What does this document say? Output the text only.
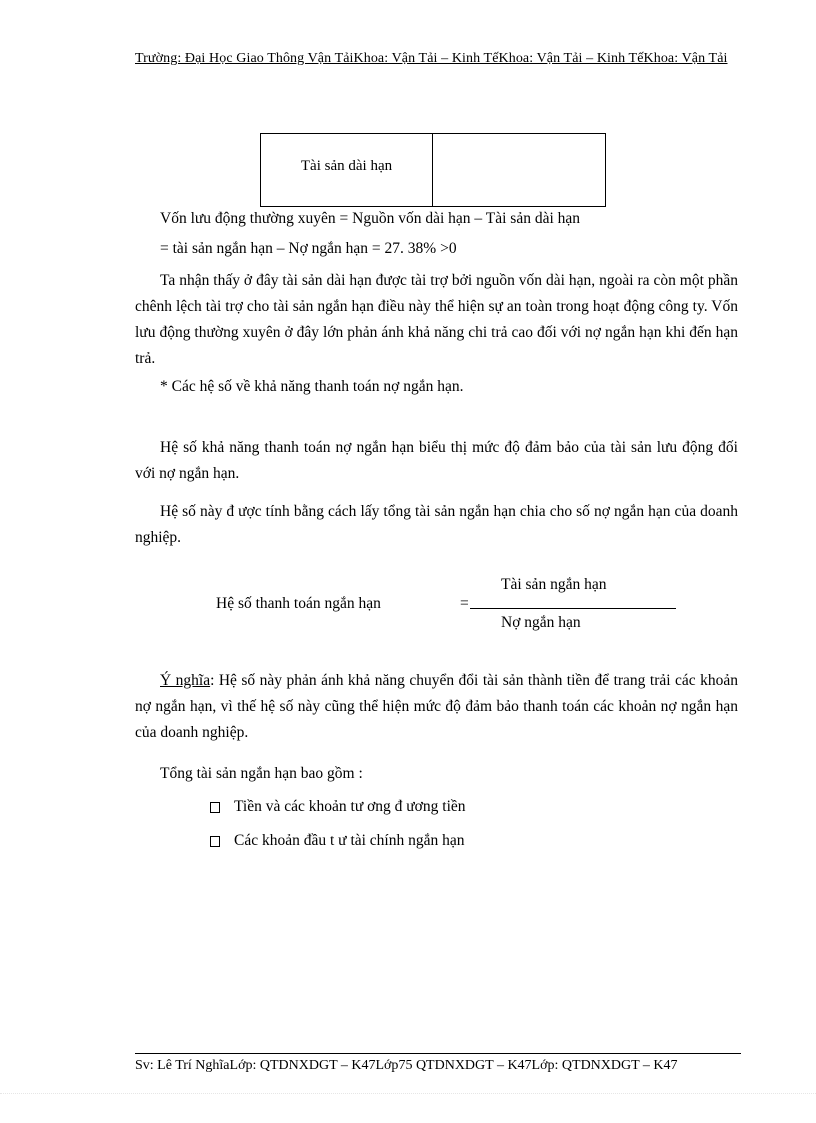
Trường: Đại Học Giao Thông Vận TảiKhoa: Vận Tải – Kinh TếKhoa: Vận Tải – Kinh TếKhoa: Vận Tải
Tài sản dài hạn
Vốn lưu động thường xuyên = Nguồn vốn dài hạn – Tài sản dài hạn
= tài sản ngắn hạn – Nợ ngắn hạn = 27. 38% >0
Ta nhận thấy ở đây tài sản dài hạn được tài trợ bởi nguồn vốn dài hạn, ngoài ra còn một phần chênh lệch tài trợ cho tài sản ngắn hạn điều này thể hiện sự an toàn trong hoạt động công ty. Vốn lưu động thường xuyên ở đây lớn phản ánh khả năng chi trả cao đối với nợ ngắn hạn khi đến hạn trả.
* Các hệ số về khả năng thanh toán nợ ngắn hạn.
Hệ số khả năng thanh toán nợ ngắn hạn biểu thị mức độ đảm bảo của tài sản lưu động đối với nợ ngắn hạn.
Hệ số này đ ược tính bằng cách lấy tổng tài sản ngắn hạn chia cho số nợ ngắn hạn của doanh nghiệp.
Hệ số thanh toán ngắn hạn
Tài sản ngắn hạn
=
Nợ ngắn hạn
Ý nghĩa: Hệ số này phản ánh khả năng chuyển đổi tài sản thành tiền để trang trải các khoản nợ ngắn hạn, vì thế hệ số này cũng thể hiện mức độ đảm bảo thanh toán các khoản nợ ngắn hạn của doanh nghiệp.
Tổng tài sản ngắn hạn bao gồm :
Tiền và các khoản tư ơng đ ương tiền
Các khoản đầu t ư tài chính ngắn hạn
Sv: Lê Trí NghĩaLớp: QTDNXDGT – K47Lớp75 QTDNXDGT – K47Lớp: QTDNXDGT – K47
